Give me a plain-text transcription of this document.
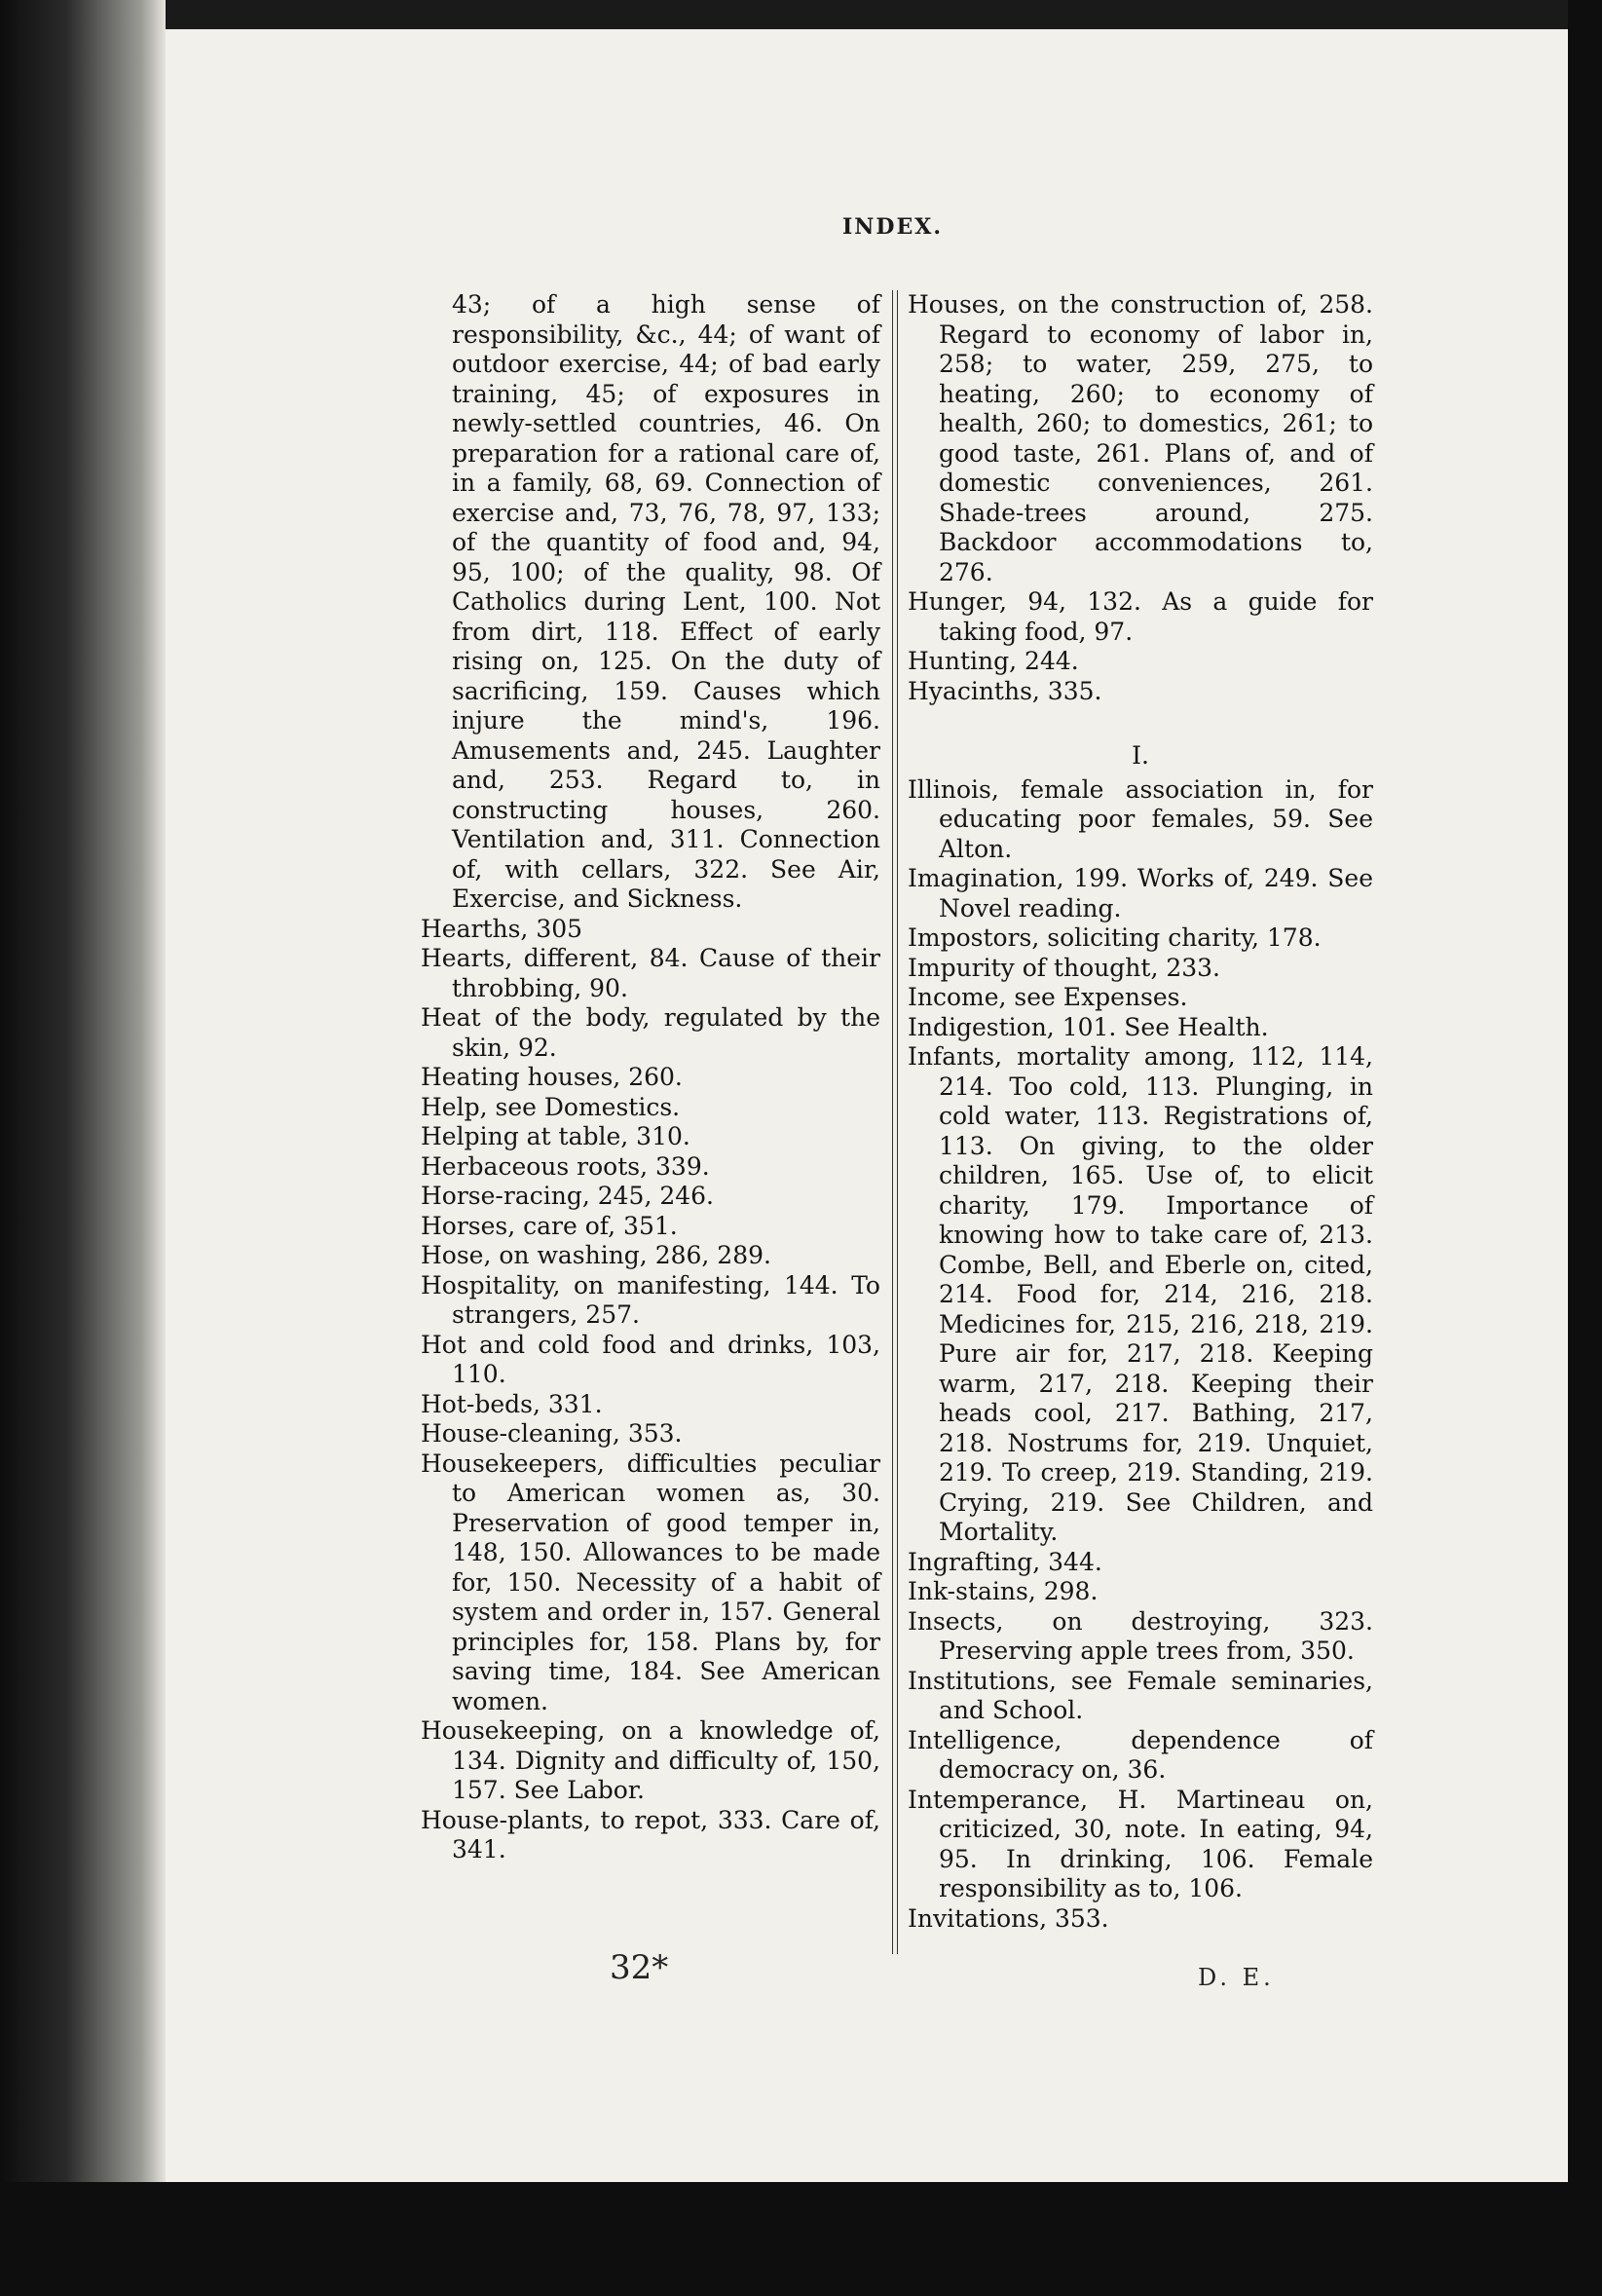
INDEX.
43; of a high sense of responsibility, &c., 44; of want of outdoor exercise, 44; of bad early training, 45; of exposures in newly-settled countries, 46. On preparation for a rational care of, in a family, 68, 69. Connection of exercise and, 73, 76, 78, 97, 133; of the quantity of food and, 94, 95, 100; of the quality, 98. Of Catholics during Lent, 100. Not from dirt, 118. Effect of early rising on, 125. On the duty of sacrificing, 159. Causes which injure the mind's, 196. Amusements and, 245. Laughter and, 253. Regard to, in constructing houses, 260. Ventilation and, 311. Connection of, with cellars, 322. See Air, Exercise, and Sickness.
Hearths, 305
Hearts, different, 84. Cause of their throbbing, 90.
Heat of the body, regulated by the skin, 92.
Heating houses, 260.
Help, see Domestics.
Helping at table, 310.
Herbaceous roots, 339.
Horse-racing, 245, 246.
Horses, care of, 351.
Hose, on washing, 286, 289.
Hospitality, on manifesting, 144. To strangers, 257.
Hot and cold food and drinks, 103, 110.
Hot-beds, 331.
House-cleaning, 353.
Housekeepers, difficulties peculiar to American women as, 30. Preservation of good temper in, 148, 150. Allowances to be made for, 150. Necessity of a habit of system and order in, 157. General principles for, 158. Plans by, for saving time, 184. See American women.
Housekeeping, on a knowledge of, 134. Dignity and difficulty of, 150, 157. See Labor.
House-plants, to repot, 333. Care of, 341.
Houses, on the construction of, 258. Regard to economy of labor in, 258; to water, 259, 275, to heating, 260; to economy of health, 260; to domestics, 261; to good taste, 261. Plans of, and of domestic conveniences, 261. Shade-trees around, 275. Backdoor accommodations to, 276.
Hunger, 94, 132. As a guide for taking food, 97.
Hunting, 244.
Hyacinths, 335.
I.
Illinois, female association in, for educating poor females, 59. See Alton.
Imagination, 199. Works of, 249. See Novel reading.
Impostors, soliciting charity, 178.
Impurity of thought, 233.
Income, see Expenses.
Indigestion, 101. See Health.
Infants, mortality among, 112, 114, 214. Too cold, 113. Plunging, in cold water, 113. Registrations of, 113. On giving, to the older children, 165. Use of, to elicit charity, 179. Importance of knowing how to take care of, 213. Combe, Bell, and Eberle on, cited, 214. Food for, 214, 216, 218. Medicines for, 215, 216, 218, 219. Pure air for, 217, 218. Keeping warm, 217, 218. Keeping their heads cool, 217. Bathing, 217, 218. Nostrums for, 219. Unquiet, 219. To creep, 219. Standing, 219. Crying, 219. See Children, and Mortality.
Ingrafting, 344.
Ink-stains, 298.
Insects, on destroying, 323. Preserving apple trees from, 350.
Institutions, see Female seminaries, and School.
Intelligence, dependence of democracy on, 36.
Intemperance, H. Martineau on, criticized, 30, note. In eating, 94, 95. In drinking, 106. Female responsibility as to, 106.
Invitations, 353.
32*	D. E.
